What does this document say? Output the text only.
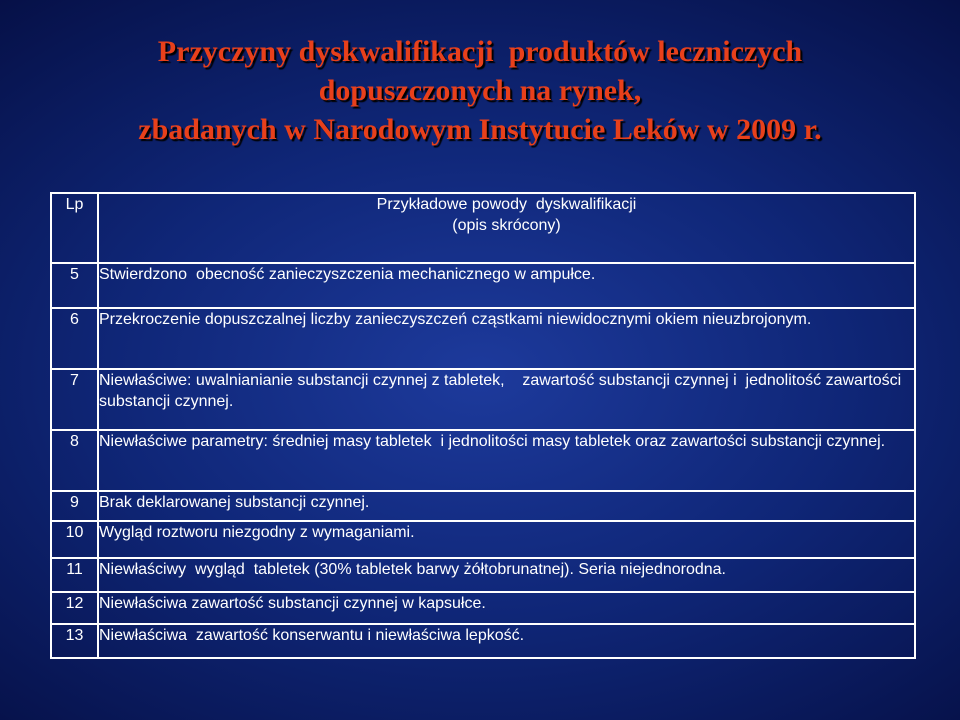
Przyczyny dyskwalifikacji  produktów leczniczych
dopuszczonych na rynek,
zbadanych w Narodowym Instytucie Leków w 2009 r.
Lp	Przykładowe powody  dyskwalifikacji
(opis skrócony)

5	Stwierdzono  obecność zanieczyszczenia mechanicznego w ampułce.
6	Przekroczenie dopuszczalnej liczby zanieczyszczeń cząstkami niewidocznymi okiem nieuzbrojonym.
7	Niewłaściwe: uwalnianianie substancji czynnej z tabletek,    zawartość substancji czynnej i  jednolitość zawartości substancji czynnej.
8	Niewłaściwe parametry: średniej masy tabletek  i jednolitości masy tabletek oraz zawartości substancji czynnej.
9	Brak deklarowanej substancji czynnej.
10	Wygląd roztworu niezgodny z wymaganiami.
11	Niewłaściwy  wygląd  tabletek (30% tabletek barwy żółtobrunatnej). Seria niejednorodna.
12	Niewłaściwa zawartość substancji czynnej w kapsułce.
13	Niewłaściwa  zawartość konserwantu i niewłaściwa lepkość.
